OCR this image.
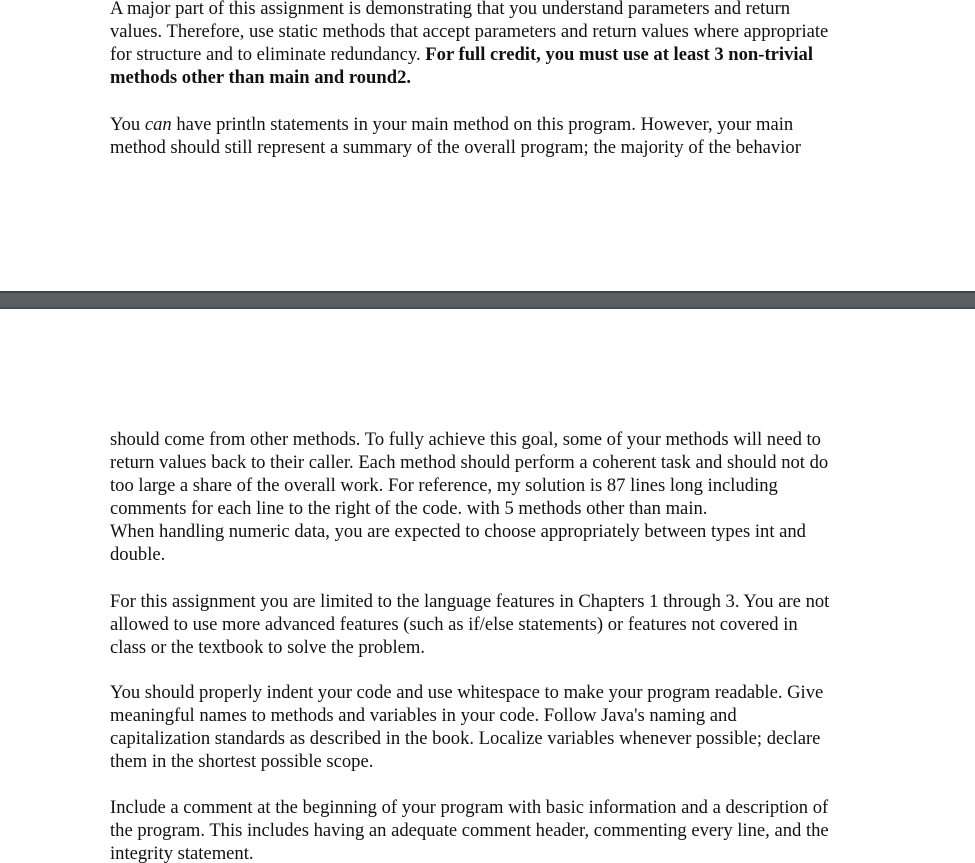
A major part of this assignment is demonstrating that you understand parameters and return
values. Therefore, use static methods that accept parameters and return values where appropriate
for structure and to eliminate redundancy. For full credit, you must use at least 3 non-trivial
methods other than main and round2.

You can have println statements in your main method on this program. However, your main
method should still represent a summary of the overall program; the majority of the behavior

should come from other methods. To fully achieve this goal, some of your methods will need to
return values back to their caller. Each method should perform a coherent task and should not do
too large a share of the overall work. For reference, my solution is 87 lines long including
comments for each line to the right of the code. with 5 methods other than main.
When handling numeric data, you are expected to choose appropriately between types int and
double.

For this assignment you are limited to the language features in Chapters 1 through 3. You are not
allowed to use more advanced features (such as if/else statements) or features not covered in
class or the textbook to solve the problem.

You should properly indent your code and use whitespace to make your program readable. Give
meaningful names to methods and variables in your code. Follow Java's naming and
capitalization standards as described in the book. Localize variables whenever possible; declare
them in the shortest possible scope.

Include a comment at the beginning of your program with basic information and a description of
the program. This includes having an adequate comment header, commenting every line, and the
integrity statement.
